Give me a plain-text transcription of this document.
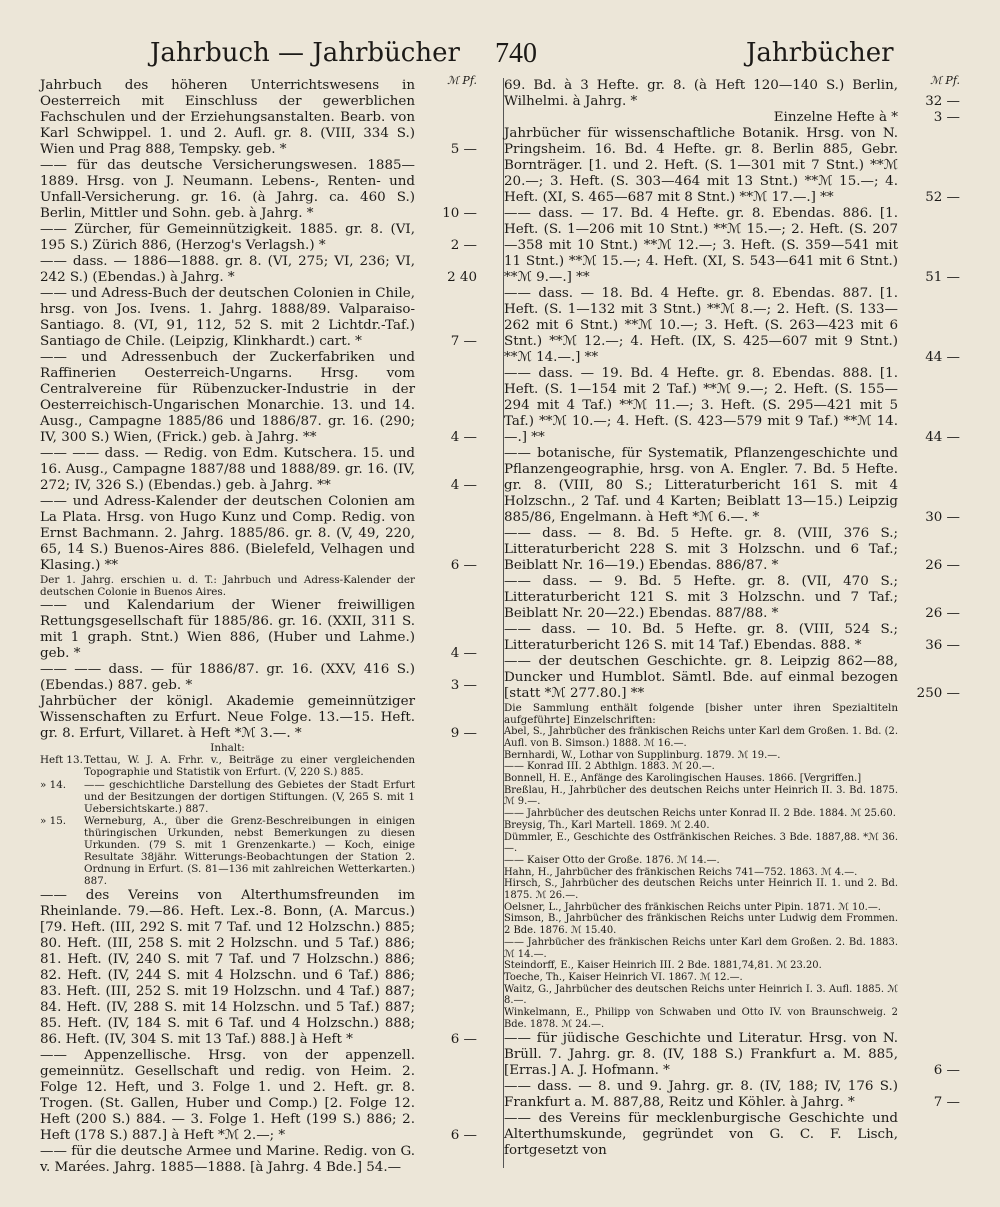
Jahrbuch — Jahrbücher 740	Jahrbücher
ℳ Pf.
Jahrbuch des höheren Unterrichtswesens in Oesterreich mit Einschluss der gewerblichen Fachschulen und der Erziehungsanstalten. Bearb. von Karl Schwippel. 1. und 2. Aufl. gr. 8. (VIII, 334 S.) Wien und Prag 888, Tempsky. geb. *	5 —
—— für das deutsche Versicherungswesen. 1885—1889. Hrsg. von J. Neumann. Lebens-, Renten- und Unfall-Versicherung. gr. 16. (à Jahrg. ca. 460 S.) Berlin, Mittler und Sohn. geb. à Jahrg. *	10 —
—— Zürcher, für Gemeinnützigkeit. 1885. gr. 8. (VI, 195 S.) Zürich 886, (Herzog's Verlagsh.) *	2 —
—— dass. — 1886—1888. gr. 8. (VI, 275; VI, 236; VI, 242 S.) (Ebendas.) à Jahrg. *	2 40
—— und Adress-Buch der deutschen Colonien in Chile, hrsg. von Jos. Ivens. 1. Jahrg. 1888/89. Valparaiso-Santiago. 8. (VI, 91, 112, 52 S. mit 2 Lichtdr.-Taf.) Santiago de Chile. (Leipzig, Klinkhardt.) cart. *	7 —
—— und Adressenbuch der Zuckerfabriken und Raffinerien Oesterreich-Ungarns. Hrsg. vom Centralvereine für Rübenzucker-Industrie in der Oesterreichisch-Ungarischen Monarchie. 13. und 14. Ausg., Campagne 1885/86 und 1886/87. gr. 16. (290; IV, 300 S.) Wien, (Frick.) geb. à Jahrg. **	4 —
—— —— dass. — Redig. von Edm. Kutschera. 15. und 16. Ausg., Campagne 1887/88 und 1888/89. gr. 16. (IV, 272; IV, 326 S.) (Ebendas.) geb. à Jahrg. **	4 —
—— und Adress-Kalender der deutschen Colonien am La Plata. Hrsg. von Hugo Kunz und Comp. Redig. von Ernst Bachmann. 2. Jahrg. 1885/86. gr. 8. (V, 49, 220, 65, 14 S.) Buenos-Aires 886. (Bielefeld, Velhagen und Klasing.) **	6 —
Der 1. Jahrg. erschien u. d. T.: Jahrbuch und Adress-Kalender der deutschen Colonie in Buenos Aires.
—— und Kalendarium der Wiener freiwilligen Rettungsgesellschaft für 1885/86. gr. 16. (XXII, 311 S. mit 1 graph. Stnt.) Wien 886, (Huber und Lahme.) geb. *	4 —
—— —— dass. — für 1886/87. gr. 16. (XXV, 416 S.) (Ebendas.) 887. geb. *	3 —
Jahrbücher der königl. Akademie gemeinnütziger Wissenschaften zu Erfurt. Neue Folge. 13.—15. Heft. gr. 8. Erfurt, Villaret. à Heft *ℳ 3.—. *	9 —
Inhalt:
Heft 13. Tettau, W. J. A. Frhr. v., Beiträge zu einer vergleichenden Topographie und Statistik von Erfurt. (V, 220 S.) 885.
» 14. —— geschichtliche Darstellung des Gebietes der Stadt Erfurt und der Besitzungen der dortigen Stiftungen. (V, 265 S. mit 1 Uebersichtskarte.) 887.
» 15. Werneburg, A., über die Grenz-Beschreibungen in einigen thüringischen Urkunden, nebst Bemerkungen zu diesen Urkunden. (79 S. mit 1 Grenzenkarte.) — Koch, einige Resultate 38jähr. Witterungs-Beobachtungen der Station 2. Ordnung in Erfurt. (S. 81—136 mit zahlreichen Wetterkarten.) 887.
—— des Vereins von Alterthumsfreunden im Rheinlande. 79.—86. Heft. Lex.-8. Bonn, (A. Marcus.) [79. Heft. (III, 292 S. mit 7 Taf. und 12 Holzschn.) 885; 80. Heft. (III, 258 S. mit 2 Holzschn. und 5 Taf.) 886; 81. Heft. (IV, 240 S. mit 7 Taf. und 7 Holzschn.) 886; 82. Heft. (IV, 244 S. mit 4 Holzschn. und 6 Taf.) 886; 83. Heft. (III, 252 S. mit 19 Holzschn. und 4 Taf.) 887; 84. Heft. (IV, 288 S. mit 14 Holzschn. und 5 Taf.) 887; 85. Heft. (IV, 184 S. mit 6 Taf. und 4 Holzschn.) 888; 86. Heft. (IV, 304 S. mit 13 Taf.) 888.] à Heft *	6 —
—— Appenzellische. Hrsg. von der appenzell. gemeinnütz. Gesellschaft und redig. von Heim. 2. Folge 12. Heft, und 3. Folge 1. und 2. Heft. gr. 8. Trogen. (St. Gallen, Huber und Comp.) [2. Folge 12. Heft (200 S.) 884. — 3. Folge 1. Heft (199 S.) 886; 2. Heft (178 S.) 887.] à Heft *ℳ 2.—; *	6 —
—— für die deutsche Armee und Marine. Redig. von G. v. Marées. Jahrg. 1885—1888. [à Jahrg. 4 Bde.] 54.—
ℳ Pf.
69. Bd. à 3 Hefte. gr. 8. (à Heft 120—140 S.) Berlin, Wilhelmi. à Jahrg. *	32 —
Einzelne Hefte à *	3 —
Jahrbücher für wissenschaftliche Botanik. Hrsg. von N. Pringsheim. 16. Bd. 4 Hefte. gr. 8. Berlin 885, Gebr. Bornträger. [1. und 2. Heft. (S. 1—301 mit 7 Stnt.) **ℳ 20.—; 3. Heft. (S. 303—464 mit 13 Stnt.) **ℳ 15.—; 4. Heft. (XI, S. 465—687 mit 8 Stnt.) **ℳ 17.—.] **	52 —
—— dass. — 17. Bd. 4 Hefte. gr. 8. Ebendas. 886. [1. Heft. (S. 1—206 mit 10 Stnt.) **ℳ 15.—; 2. Heft. (S. 207—358 mit 10 Stnt.) **ℳ 12.—; 3. Heft. (S. 359—541 mit 11 Stnt.) **ℳ 15.—; 4. Heft. (XI, S. 543—641 mit 6 Stnt.) **ℳ 9.—.] **	51 —
—— dass. — 18. Bd. 4 Hefte. gr. 8. Ebendas. 887. [1. Heft. (S. 1—132 mit 3 Stnt.) **ℳ 8.—; 2. Heft. (S. 133—262 mit 6 Stnt.) **ℳ 10.—; 3. Heft. (S. 263—423 mit 6 Stnt.) **ℳ 12.—; 4. Heft. (IX, S. 425—607 mit 9 Stnt.) **ℳ 14.—.] **	44 —
—— dass. — 19. Bd. 4 Hefte. gr. 8. Ebendas. 888. [1. Heft. (S. 1—154 mit 2 Taf.) **ℳ 9.—; 2. Heft. (S. 155—294 mit 4 Taf.) **ℳ 11.—; 3. Heft. (S. 295—421 mit 5 Taf.) **ℳ 10.—; 4. Heft. (S. 423—579 mit 9 Taf.) **ℳ 14.—.] **	44 —
—— botanische, für Systematik, Pflanzengeschichte und Pflanzengeographie, hrsg. von A. Engler. 7. Bd. 5 Hefte. gr. 8. (VIII, 80 S.; Litteraturbericht 161 S. mit 4 Holzschn., 2 Taf. und 4 Karten; Beiblatt 13—15.) Leipzig 885/86, Engelmann. à Heft *ℳ 6.—. *	30 —
—— dass. — 8. Bd. 5 Hefte. gr. 8. (VIII, 376 S.; Litteraturbericht 228 S. mit 3 Holzschn. und 6 Taf.; Beiblatt Nr. 16—19.) Ebendas. 886/87. *	26 —
—— dass. — 9. Bd. 5 Hefte. gr. 8. (VII, 470 S.; Litteraturbericht 121 S. mit 3 Holzschn. und 7 Taf.; Beiblatt Nr. 20—22.) Ebendas. 887/88. *	26 —
—— dass. — 10. Bd. 5 Hefte. gr. 8. (VIII, 524 S.; Litteraturbericht 126 S. mit 14 Taf.) Ebendas. 888. *	36 —
—— der deutschen Geschichte. gr. 8. Leipzig 862—88, Duncker und Humblot. Sämtl. Bde. auf einmal bezogen [statt *ℳ 277.80.] **	250 —
Die Sammlung enthält folgende [bisher unter ihren Spezialtiteln aufgeführte] Einzelschriften:
Abel, S., Jahrbücher des fränkischen Reichs unter Karl dem Großen. 1. Bd. (2. Aufl. von B. Simson.) 1888. ℳ 16.—.
Bernhardi, W., Lothar von Supplinburg. 1879. ℳ 19.—.
—— Konrad III. 2 Abthlgn. 1883. ℳ 20.—.
Bonnell, H. E., Anfänge des Karolingischen Hauses. 1866. [Vergriffen.]
Breßlau, H., Jahrbücher des deutschen Reichs unter Heinrich II. 3. Bd. 1875. ℳ 9.—.
—— Jahrbücher des deutschen Reichs unter Konrad II. 2 Bde. 1884. ℳ 25.60.
Breysig, Th., Karl Martell. 1869. ℳ 2.40.
Dümmler, E., Geschichte des Ostfränkischen Reiches. 3 Bde. 1887,88. *ℳ 36.—.
—— Kaiser Otto der Große. 1876. ℳ 14.—.
Hahn, H., Jahrbücher des fränkischen Reichs 741—752. 1863. ℳ 4.—.
Hirsch, S., Jahrbücher des deutschen Reichs unter Heinrich II. 1. und 2. Bd. 1875. ℳ 26.—.
Oelsner, L., Jahrbücher des fränkischen Reichs unter Pipin. 1871. ℳ 10.—.
Simson, B., Jahrbücher des fränkischen Reichs unter Ludwig dem Frommen. 2 Bde. 1876. ℳ 15.40.
—— Jahrbücher des fränkischen Reichs unter Karl dem Großen. 2. Bd. 1883. ℳ 14.—.
Steindorff, E., Kaiser Heinrich III. 2 Bde. 1881,74,81. ℳ 23.20.
Toeche, Th., Kaiser Heinrich VI. 1867. ℳ 12.—.
Waitz, G., Jahrbücher des deutschen Reichs unter Heinrich I. 3. Aufl. 1885. ℳ 8.—.
Winkelmann, E., Philipp von Schwaben und Otto IV. von Braunschweig. 2 Bde. 1878. ℳ 24.—.
—— für jüdische Geschichte und Literatur. Hrsg. von N. Brüll. 7. Jahrg. gr. 8. (IV, 188 S.) Frankfurt a. M. 885, [Erras.] A. J. Hofmann. *	6 —
—— dass. — 8. und 9. Jahrg. gr. 8. (IV, 188; IV, 176 S.) Frankfurt a. M. 887,88, Reitz und Köhler. à Jahrg. *	7 —
—— des Vereins für mecklenburgische Geschichte und Alterthumskunde, gegründet von G. C. F. Lisch, fortgesetzt von
